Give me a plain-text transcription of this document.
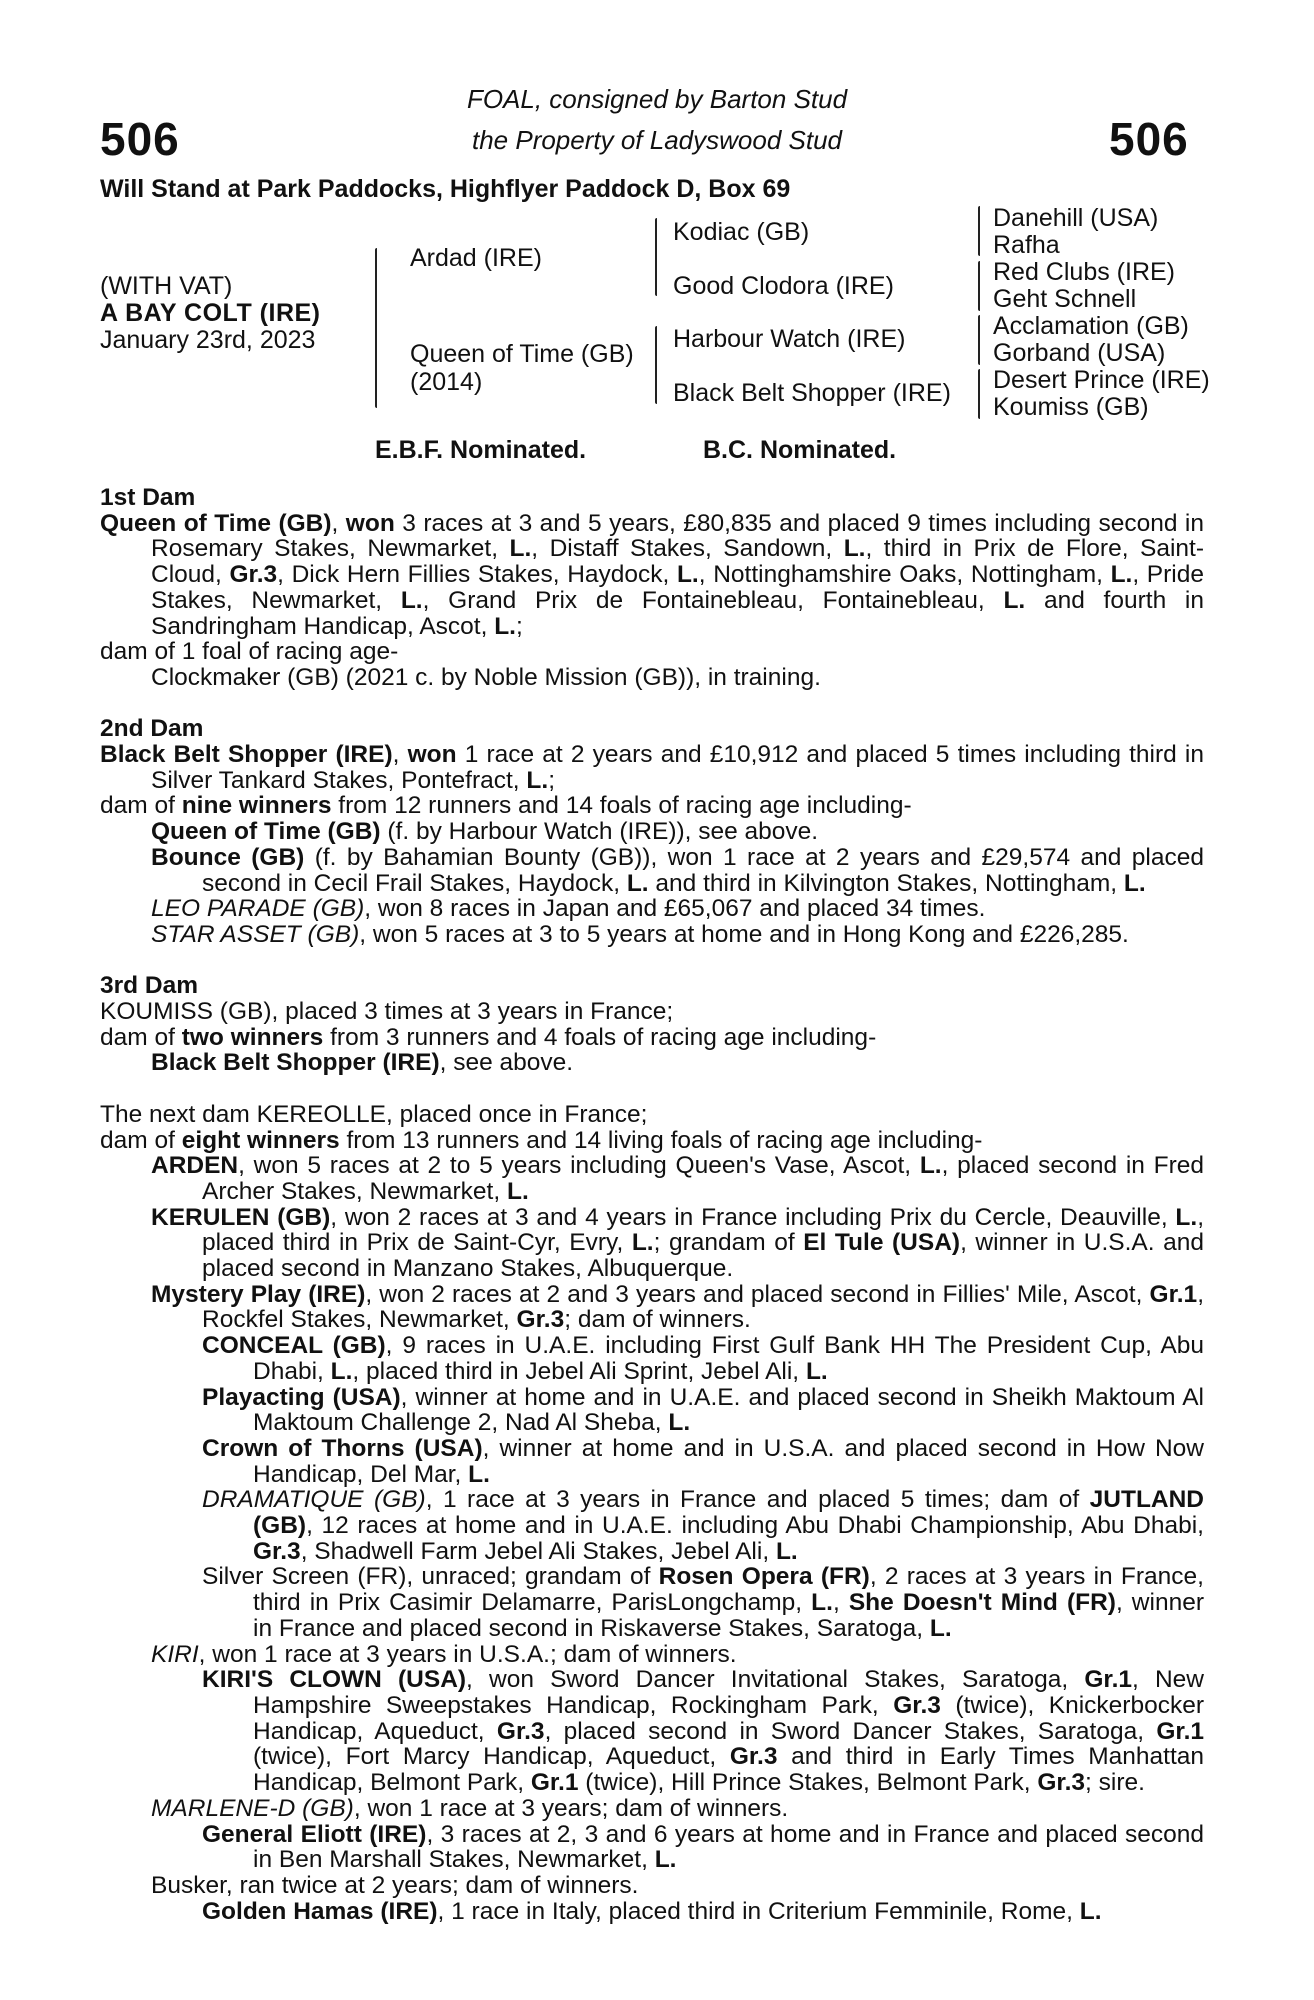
506	506
FOAL, consigned by Barton Stud
the Property of Ladyswood Stud
Will Stand at Park Paddocks, Highflyer Paddock D, Box 69
(WITH VAT)
A BAY COLT (IRE)
January 23rd, 2023
Ardad (IRE)
Queen of Time (GB)
(2014)
Kodiac (GB)
Good Clodora (IRE)
Harbour Watch (IRE)
Black Belt Shopper (IRE)
Danehill (USA)
Rafha
Red Clubs (IRE)
Geht Schnell
Acclamation (GB)
Gorband (USA)
Desert Prince (IRE)
Koumiss (GB)
E.B.F. Nominated.	B.C. Nominated.

1st Dam

Queen of Time (GB), won 3 races at 3 and 5 years, £80,835 and placed 9 times including second in Rosemary Stakes, Newmarket, L., Distaff Stakes, Sandown, L., third in Prix de Flore, Saint-Cloud, Gr.3, Dick Hern Fillies Stakes, Haydock, L., Nottinghamshire Oaks, Nottingham, L., Pride Stakes, Newmarket, L., Grand Prix de Fontainebleau, Fontainebleau, L. and fourth in Sandringham Handicap, Ascot, L.;

dam of 1 foal of racing age-

Clockmaker (GB) (2021 c. by Noble Mission (GB)), in training.

2nd Dam

Black Belt Shopper (IRE), won 1 race at 2 years and £10,912 and placed 5 times including third in Silver Tankard Stakes, Pontefract, L.;

dam of nine winners from 12 runners and 14 foals of racing age including-

Queen of Time (GB) (f. by Harbour Watch (IRE)), see above.

Bounce (GB) (f. by Bahamian Bounty (GB)), won 1 race at 2 years and £29,574 and placed second in Cecil Frail Stakes, Haydock, L. and third in Kilvington Stakes, Nottingham, L.

LEO PARADE (GB), won 8 races in Japan and £65,067 and placed 34 times.

STAR ASSET (GB), won 5 races at 3 to 5 years at home and in Hong Kong and £226,285.

3rd Dam

KOUMISS (GB), placed 3 times at 3 years in France;

dam of two winners from 3 runners and 4 foals of racing age including-

Black Belt Shopper (IRE), see above.

The next dam KEREOLLE, placed once in France;

dam of eight winners from 13 runners and 14 living foals of racing age including-

ARDEN, won 5 races at 2 to 5 years including Queen's Vase, Ascot, L., placed second in Fred Archer Stakes, Newmarket, L.

KERULEN (GB), won 2 races at 3 and 4 years in France including Prix du Cercle, Deauville, L., placed third in Prix de Saint-Cyr, Evry, L.; grandam of El Tule (USA), winner in U.S.A. and placed second in Manzano Stakes, Albuquerque.

Mystery Play (IRE), won 2 races at 2 and 3 years and placed second in Fillies' Mile, Ascot, Gr.1, Rockfel Stakes, Newmarket, Gr.3; dam of winners.

CONCEAL (GB), 9 races in U.A.E. including First Gulf Bank HH The President Cup, Abu Dhabi, L., placed third in Jebel Ali Sprint, Jebel Ali, L.

Playacting (USA), winner at home and in U.A.E. and placed second in Sheikh Maktoum Al Maktoum Challenge 2, Nad Al Sheba, L.

Crown of Thorns (USA), winner at home and in U.S.A. and placed second in How Now Handicap, Del Mar, L.

DRAMATIQUE (GB), 1 race at 3 years in France and placed 5 times; dam of JUTLAND (GB), 12 races at home and in U.A.E. including Abu Dhabi Championship, Abu Dhabi, Gr.3, Shadwell Farm Jebel Ali Stakes, Jebel Ali, L.

Silver Screen (FR), unraced; grandam of Rosen Opera (FR), 2 races at 3 years in France, third in Prix Casimir Delamarre, ParisLongchamp, L., She Doesn't Mind (FR), winner in France and placed second in Riskaverse Stakes, Saratoga, L.

KIRI, won 1 race at 3 years in U.S.A.; dam of winners.

KIRI'S CLOWN (USA), won Sword Dancer Invitational Stakes, Saratoga, Gr.1, New Hampshire Sweepstakes Handicap, Rockingham Park, Gr.3 (twice), Knickerbocker Handicap, Aqueduct, Gr.3, placed second in Sword Dancer Stakes, Saratoga, Gr.1 (twice), Fort Marcy Handicap, Aqueduct, Gr.3 and third in Early Times Manhattan Handicap, Belmont Park, Gr.1 (twice), Hill Prince Stakes, Belmont Park, Gr.3; sire.

MARLENE-D (GB), won 1 race at 3 years; dam of winners.

General Eliott (IRE), 3 races at 2, 3 and 6 years at home and in France and placed second in Ben Marshall Stakes, Newmarket, L.

Busker, ran twice at 2 years; dam of winners.

Golden Hamas (IRE), 1 race in Italy, placed third in Criterium Femminile, Rome, L.
